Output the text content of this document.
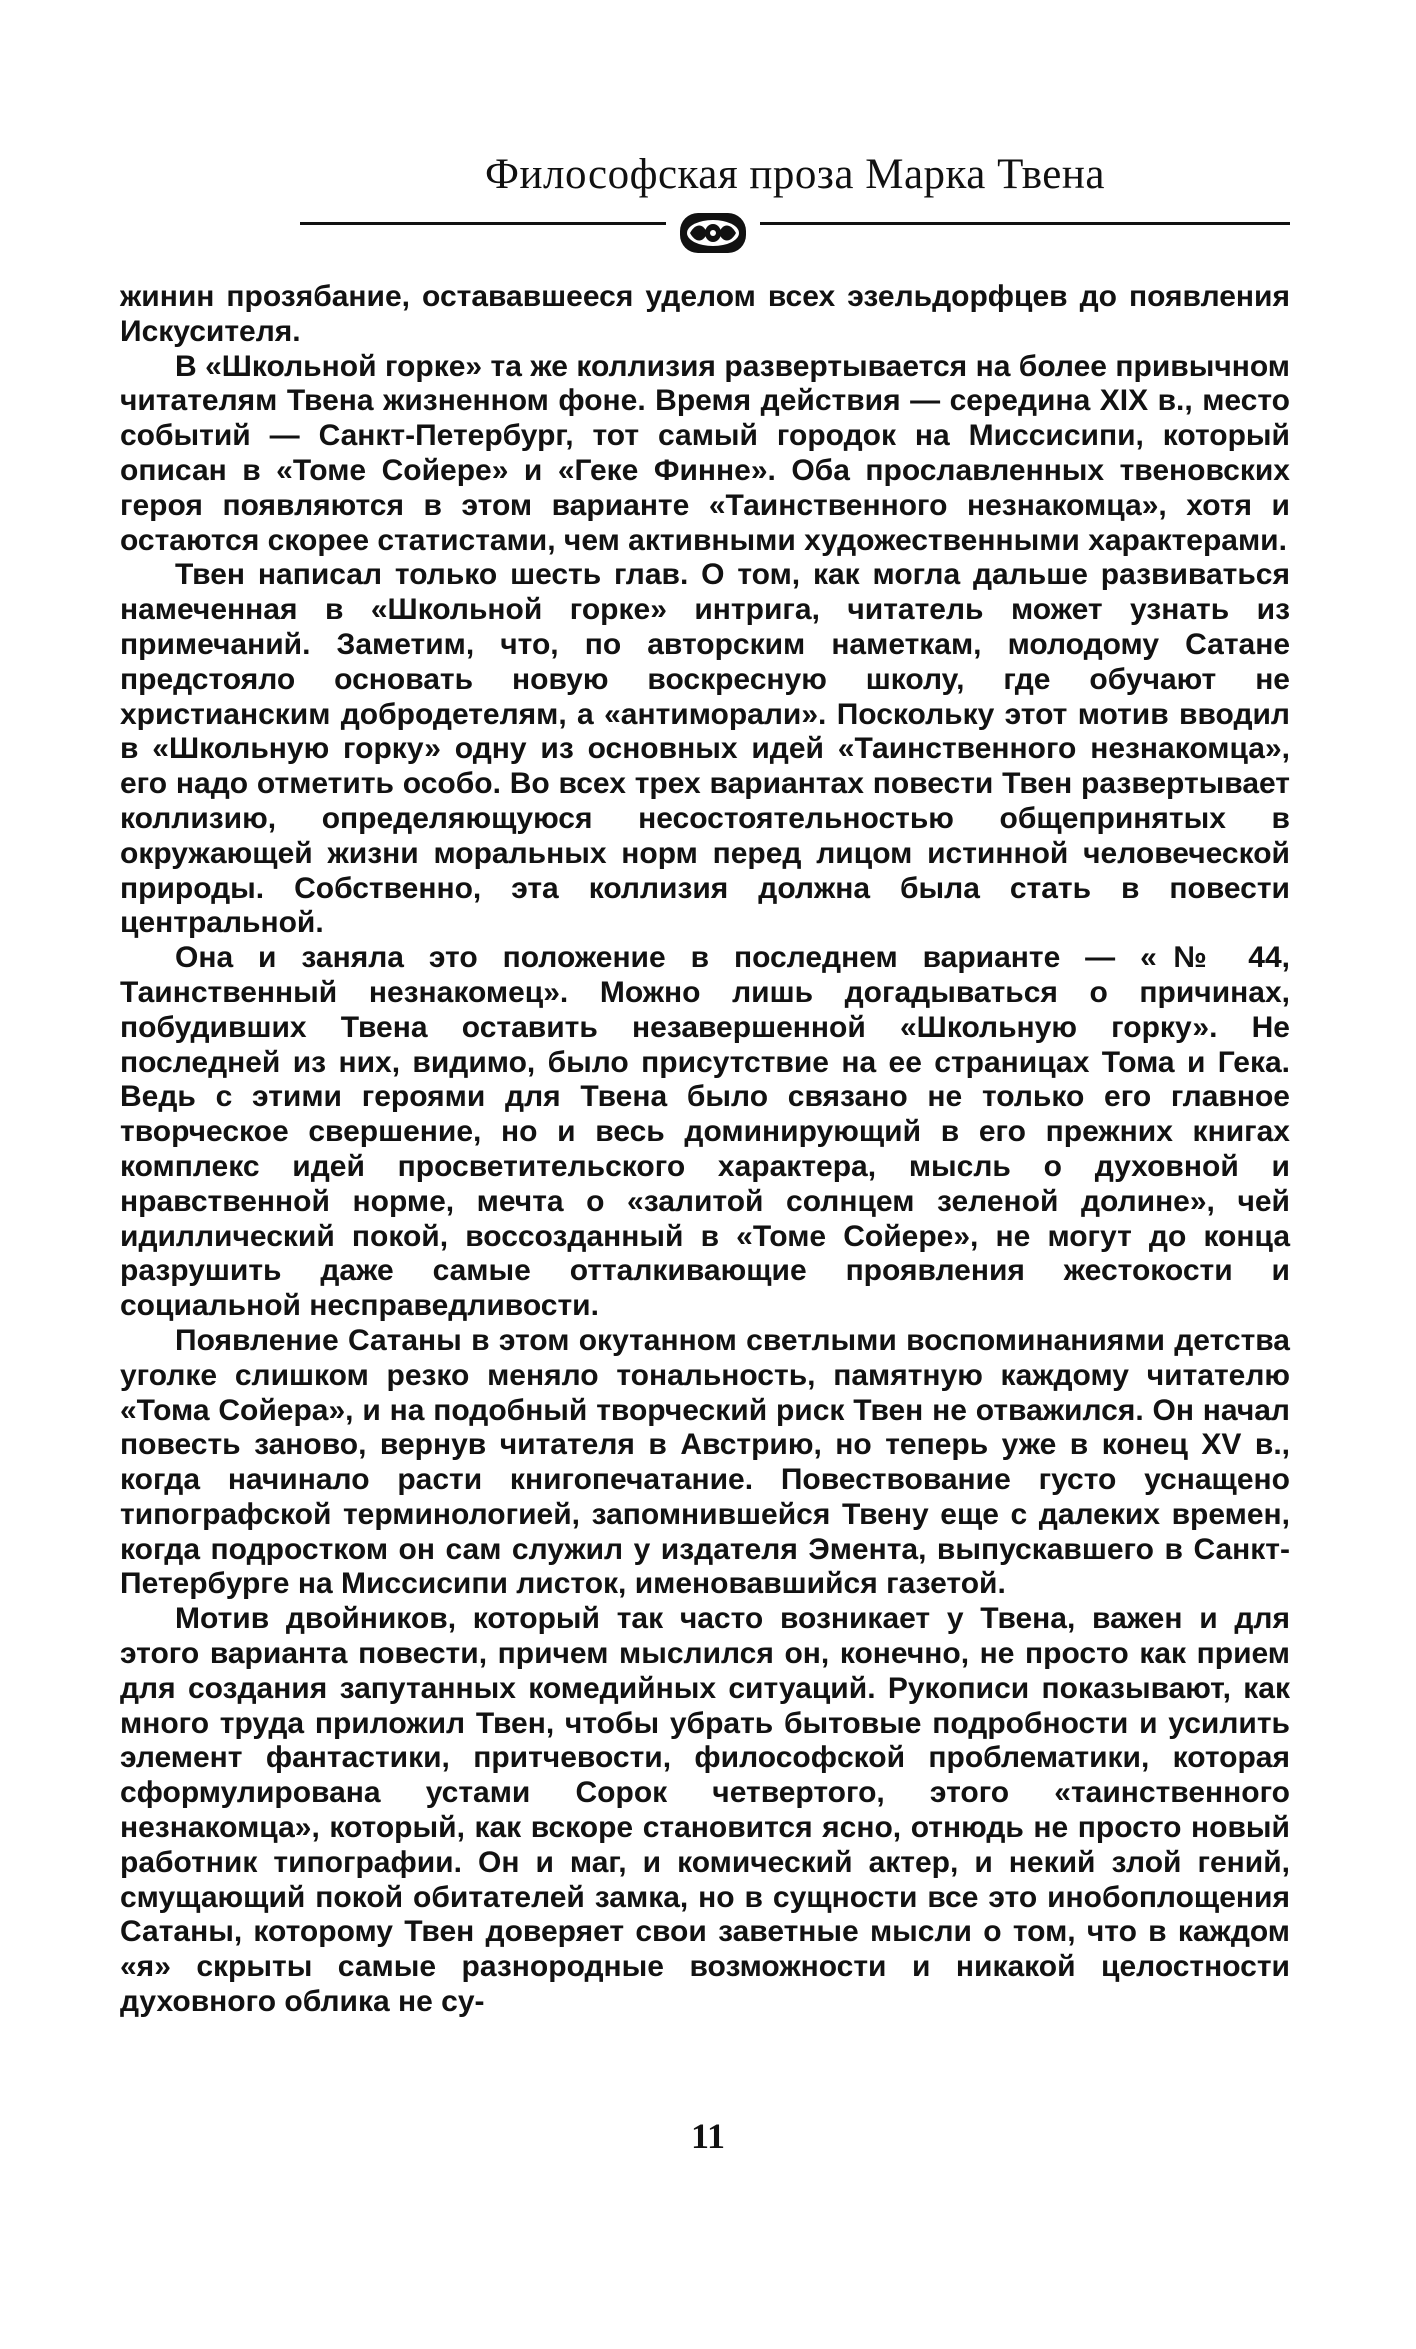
Философская проза Марка Твена

жинин прозябание, остававшееся уделом всех эзельдорфцев до появления Искусителя.

В «Школьной горке» та же коллизия развертывается на более привычном читателям Твена жизненном фоне. Время действия — середина XIX в., место событий — Санкт-Петербург, тот самый городок на Миссисипи, который описан в «Томе Сойере» и «Геке Финне». Оба прославленных твеновских героя появляются в этом варианте «Таинственного незнакомца», хотя и остаются скорее статистами, чем активными художественными характерами.

Твен написал только шесть глав. О том, как могла дальше развиваться намеченная в «Школьной горке» интрига, читатель может узнать из примечаний. Заметим, что, по авторским наметкам, молодому Сатане предстояло основать новую воскресную школу, где обучают не христианским добродетелям, а «антиморали». Поскольку этот мотив вводил в «Школьную горку» одну из основных идей «Таинственного незнакомца», его надо отметить особо. Во всех трех вариантах повести Твен развертывает коллизию, определяющуюся несостоятельностью общепринятых в окружающей жизни моральных норм перед лицом истинной человеческой природы. Собственно, эта коллизия должна была стать в повести центральной.

Она и заняла это положение в последнем варианте — «№ 44, Таинственный незнакомец». Можно лишь догадываться о причинах, побудивших Твена оставить незавершенной «Школьную горку». Не последней из них, видимо, было присутствие на ее страницах Тома и Гека. Ведь с этими героями для Твена было связано не только его главное творческое свершение, но и весь доминирующий в его прежних книгах комплекс идей просветительского характера, мысль о духовной и нравственной норме, мечта о «залитой солнцем зеленой долине», чей идиллический покой, воссозданный в «Томе Сойере», не могут до конца разрушить даже самые отталкивающие проявления жестокости и социальной несправедливости.

Появление Сатаны в этом окутанном светлыми воспоминаниями детства уголке слишком резко меняло тональность, памятную каждому читателю «Тома Сойера», и на подобный творческий риск Твен не отважился. Он начал повесть заново, вернув читателя в Австрию, но теперь уже в конец XV в., когда начинало расти книгопечатание. Повествование густо уснащено типографской терминологией, запомнившейся Твену еще с далеких времен, когда подростком он сам служил у издателя Эмента, выпускавшего в Санкт-Петербурге на Миссисипи листок, именовавшийся газетой.

Мотив двойников, который так часто возникает у Твена, важен и для этого варианта повести, причем мыслился он, конечно, не просто как прием для создания запутанных комедийных ситуаций. Рукописи показывают, как много труда приложил Твен, чтобы убрать бытовые подробности и усилить элемент фантастики, притчевости, философской проблематики, которая сформулирована устами Сорок четвертого, этого «таинственного незнакомца», который, как вскоре становится ясно, отнюдь не просто новый работник типографии. Он и маг, и комический актер, и некий злой гений, смущающий покой обитателей замка, но в сущности все это инобоплощения Сатаны, которому Твен доверяет свои заветные мысли о том, что в каждом «я» скрыты самые разнородные возможности и никакой целостности духовного облика не су-

11
